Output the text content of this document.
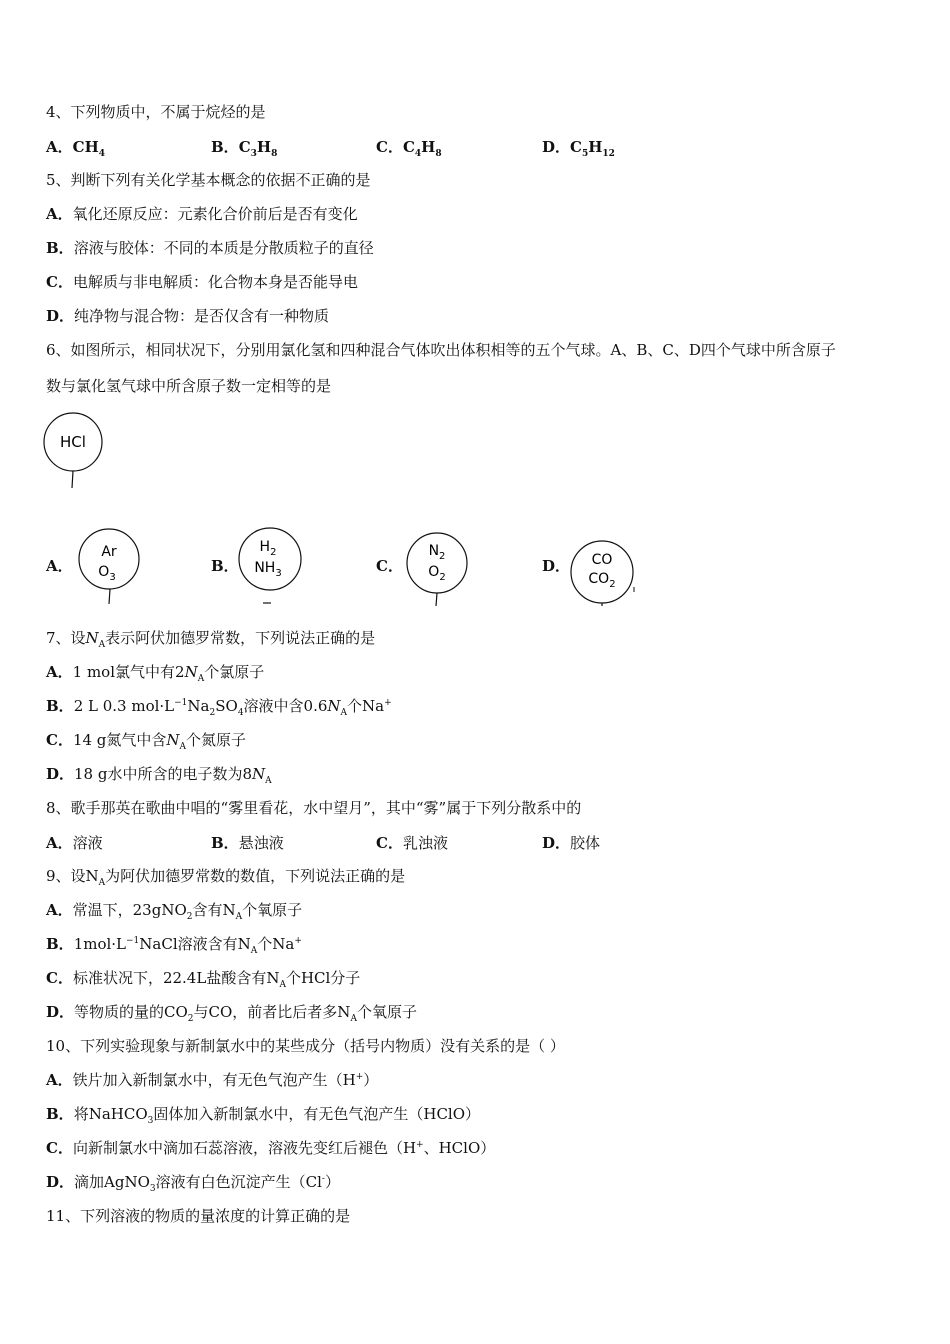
4、下列物质中，不属于烷烃的是
A．$CH_4$	B．$C_3H_8$	C．$C_4H_8$	D．$C_5H_{12}$
5、判断下列有关化学基本概念的依据不正确的是
A．氧化还原反应：元素化合价前后是否有变化
B．溶液与胶体：不同的本质是分散质粒子的直径
C．电解质与非电解质：化合物本身是否能导电
D．纯净物与混合物：是否仅含有一种物质
6、如图所示，相同状况下，分别用氯化氢和四种混合气体吹出体积相等的五个气球。A、B、C、D四个气球中所含原子
数与氯化氢气球中所含原子数一定相等的是
HCl
A．
Ar
$O_3$
B．
$H_2$
$NH_3$	C．
$N_2$
$O_2$
D． CO
$CO_2$
7、设$N_A$表示阿伏加德罗常数，下列说法正确的是
A．1 mol氯气中有$2N_A$个氯原子
B．2 L 0.3 $mol\cdot L^{-1}Na_2SO_4$溶液中含$0.6N_A$个Na+
C．14 g氮气中含$N_A$个氮原子
D．18 g水中所含的电子数为$8N_A$
8、歌手那英在歌曲中唱的“雾里看花，水中望月”，其中“雾”属于下列分散系中的
A．溶液	B．悬浊液	C．乳浊液	D．胶体
9、设$N_A$为阿伏加德罗常数的数值，下列说法正确的是
A．常温下，23gNO$_2$含有$N_A$个氧原子
B．$1mol\cdot L^{-1}NaCl$溶液含有$N_A$个Na+
C．标准状况下，22.4L盐酸含有$N_A$个HCl分子
D．等物质的量的$CO_2$与CO，前者比后者多$N_A$个氧原子
10、下列实验现象与新制氯水中的某些成分（括号内物质）没有关系的是（ ）
A．铁片加入新制氯水中，有无色气泡产生（H+）
B．将NaHCO$_3$固体加入新制氯水中，有无色气泡产生（HClO）
C．向新制氯水中滴加石蕊溶液，溶液先变红后褪色（H+、HClO）
D．滴加AgNO$_3$溶液有白色沉淀产生（Cl-）
11、下列溶液的物质的量浓度的计算正确的是
